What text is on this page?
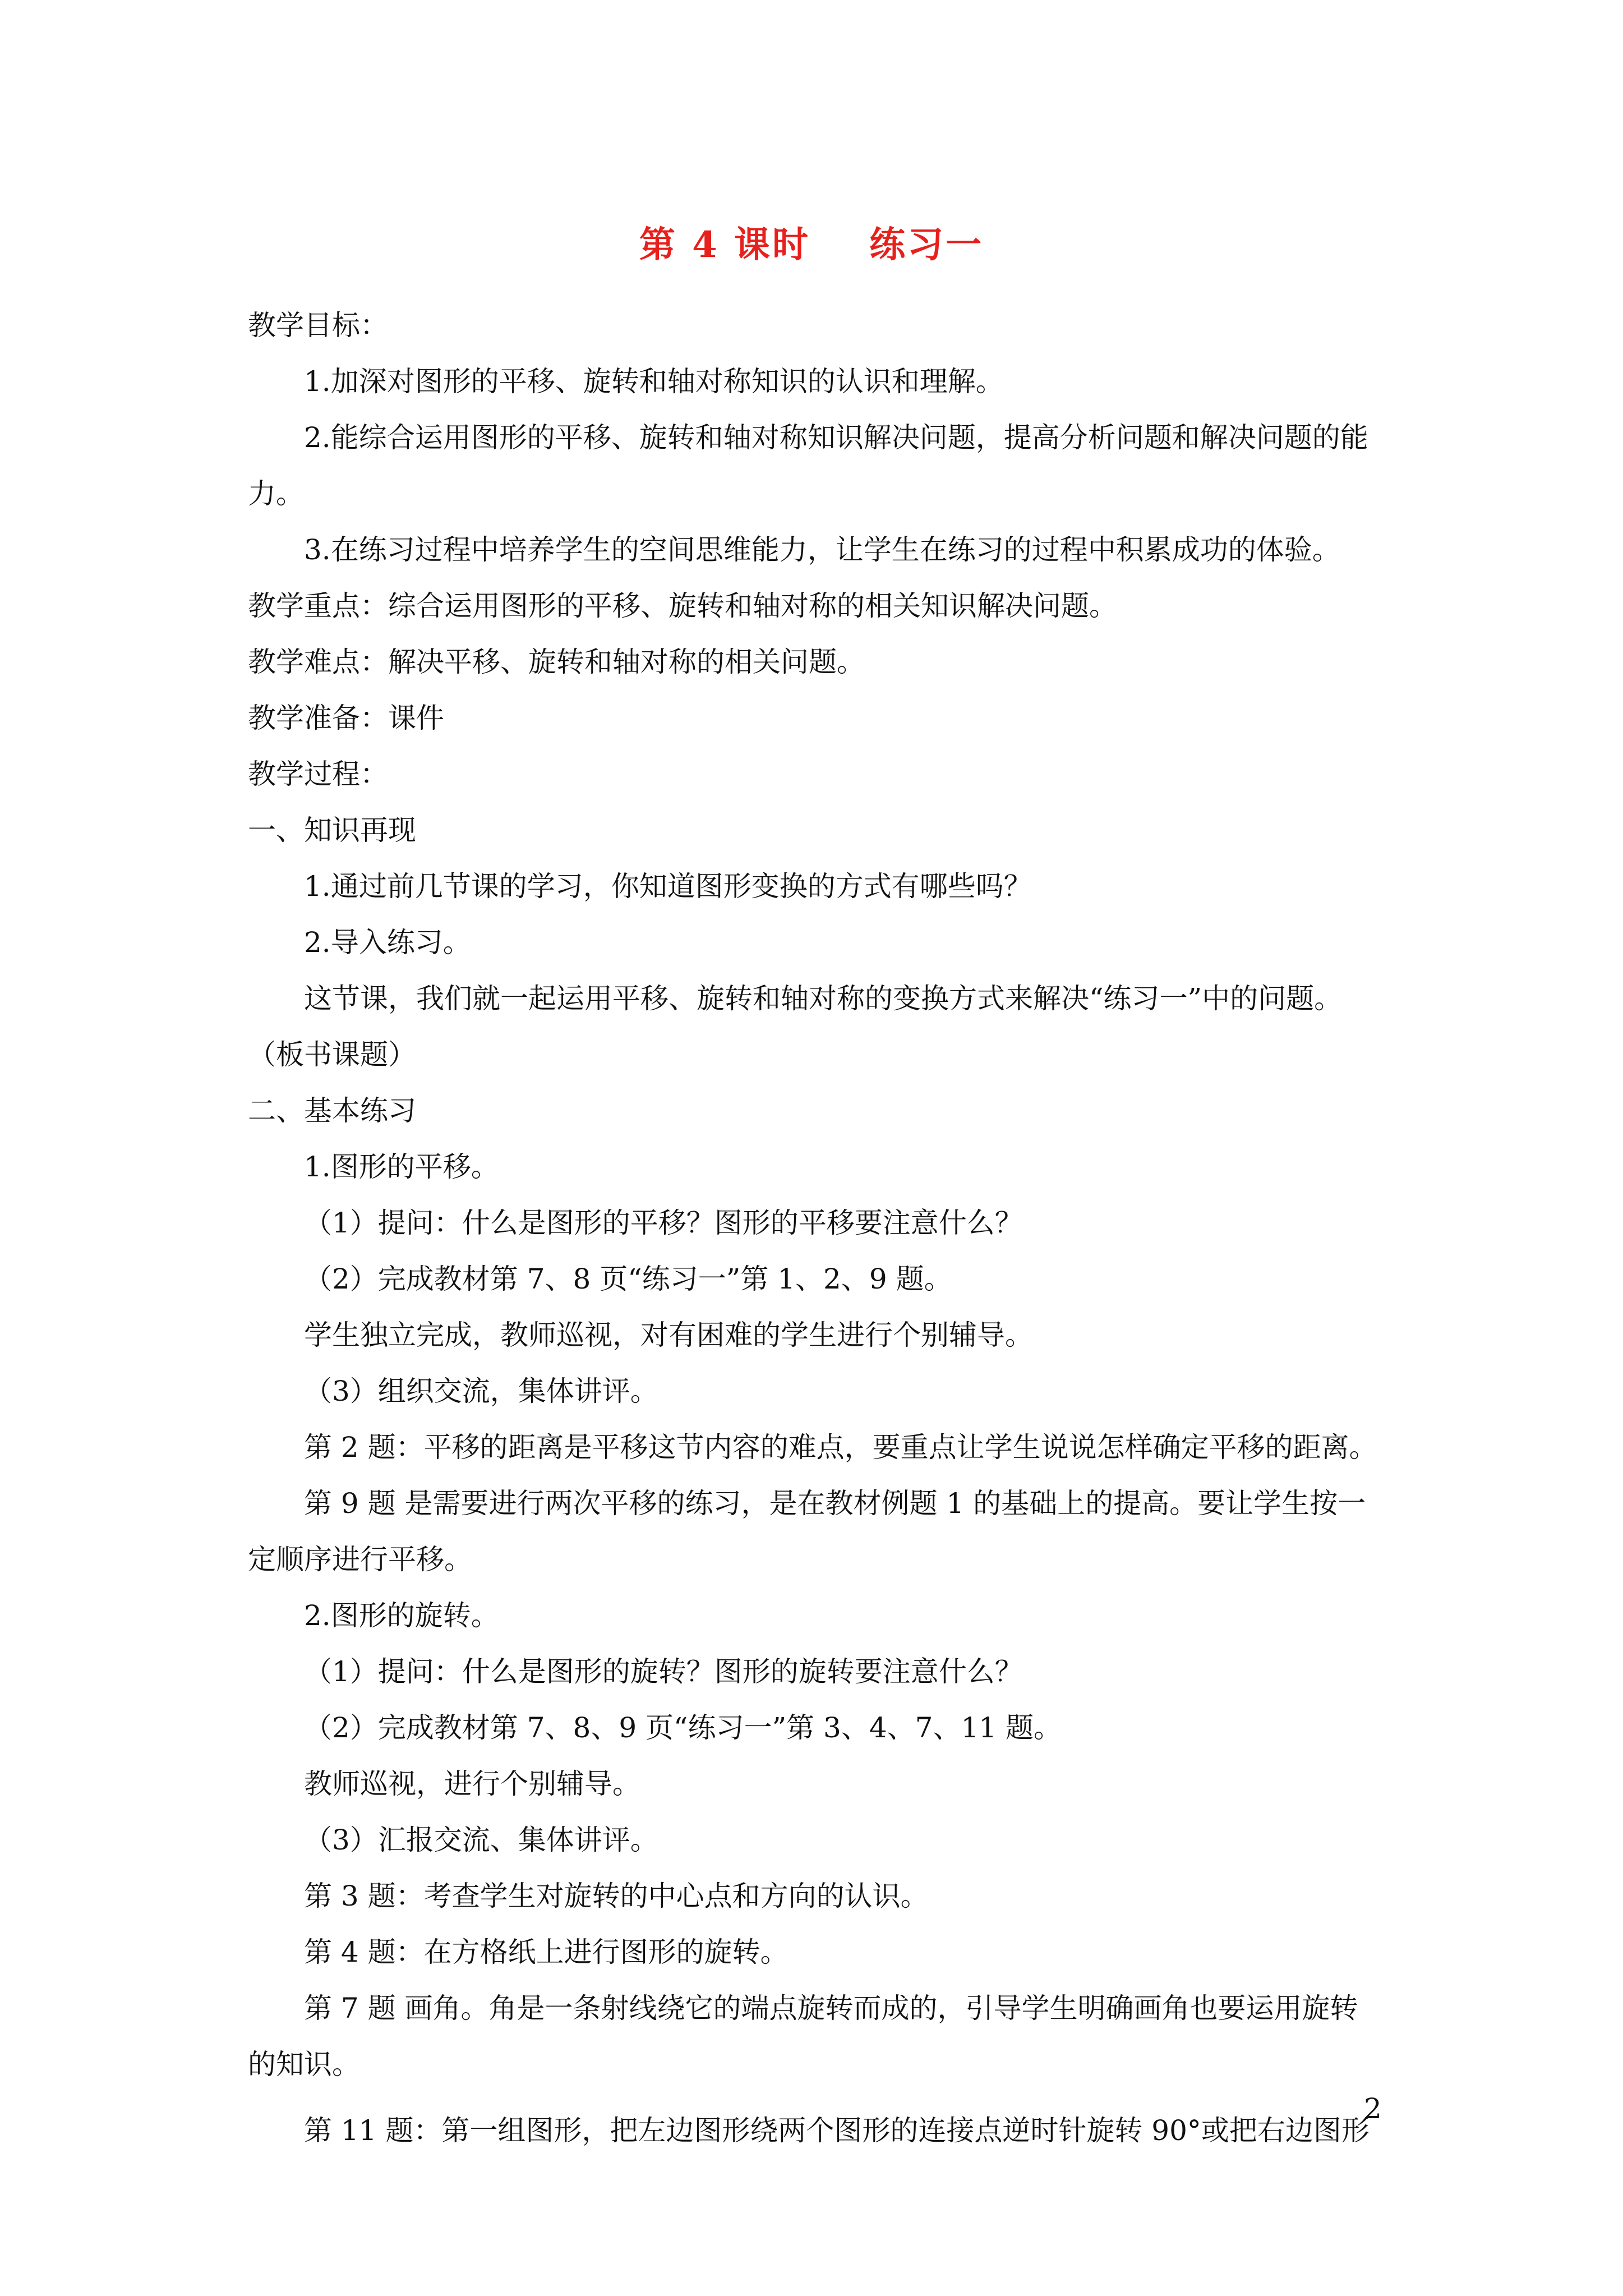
第 4 课时    练习一
教学目标：
1.加深对图形的平移、旋转和轴对称知识的认识和理解。
2.能综合运用图形的平移、旋转和轴对称知识解决问题，提高分析问题和解决问题的能
力。
3.在练习过程中培养学生的空间思维能力，让学生在练习的过程中积累成功的体验。
教学重点：综合运用图形的平移、旋转和轴对称的相关知识解决问题。
教学难点：解决平移、旋转和轴对称的相关问题。
教学准备：课件
教学过程：
一、知识再现
1.通过前几节课的学习，你知道图形变换的方式有哪些吗？
2.导入练习。
这节课，我们就一起运用平移、旋转和轴对称的变换方式来解决“练习一”中的问题。
（板书课题）
二、基本练习
1.图形的平移。
（1）提问：什么是图形的平移？图形的平移要注意什么？
（2）完成教材第 7、8 页“练习一”第 1、2、9 题。
学生独立完成，教师巡视，对有困难的学生进行个别辅导。
（3）组织交流，集体讲评。
第 2 题：平移的距离是平移这节内容的难点，要重点让学生说说怎样确定平移的距离。
第 9 题 是需要进行两次平移的练习，是在教材例题 1 的基础上的提高。要让学生按一
定顺序进行平移。
2.图形的旋转。
（1）提问：什么是图形的旋转？图形的旋转要注意什么？
（2）完成教材第 7、8、9 页“练习一”第 3、4、7、11 题。
教师巡视，进行个别辅导。
（3）汇报交流、集体讲评。
第 3 题：考查学生对旋转的中心点和方向的认识。
第 4 题：在方格纸上进行图形的旋转。
第 7 题 画角。角是一条射线绕它的端点旋转而成的，引导学生明确画角也要运用旋转
的知识。
第 11 题：第一组图形，把左边图形绕两个图形的连接点逆时针旋转 90°或把右边图形
2
